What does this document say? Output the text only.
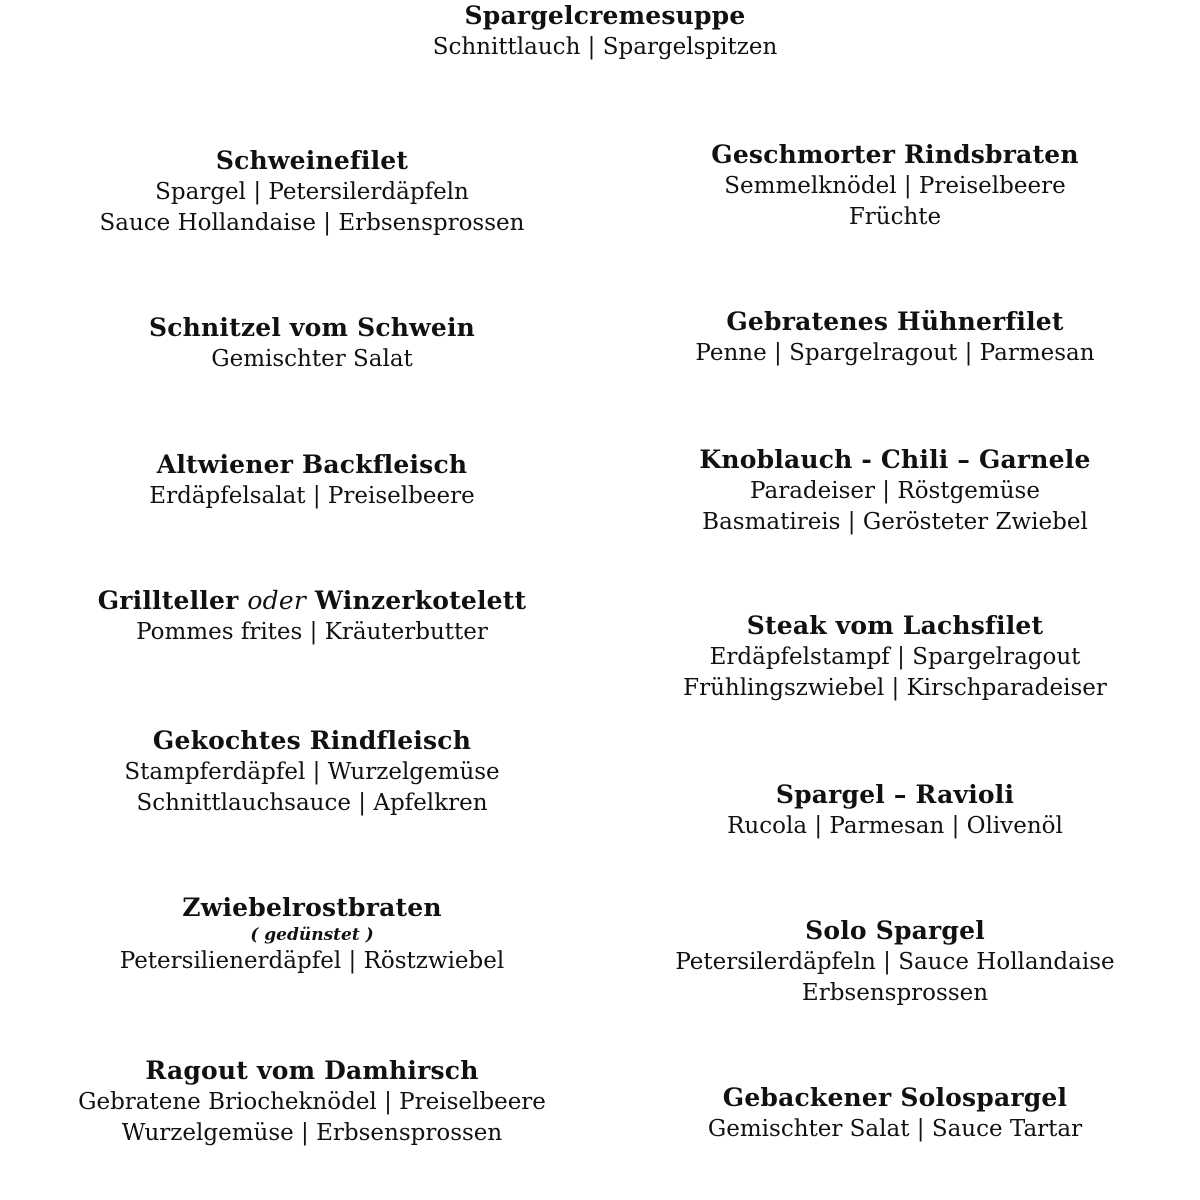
Spargelcremesuppe
Schnittlauch | Spargelspitzen
Schweinefilet
Spargel | Petersilerdäpfeln
Sauce Hollandaise | Erbsensprossen
Schnitzel vom Schwein
Gemischter Salat
Altwiener Backfleisch
Erdäpfelsalat | Preiselbeere
Grillteller oder Winzerkotelett
Pommes frites | Kräuterbutter
Gekochtes Rindfleisch
Stampferdäpfel | Wurzelgemüse
Schnittlauchsauce | Apfelkren
Zwiebelrostbraten
( gedünstet )
Petersilienerdäpfel | Röstzwiebel
Ragout vom Damhirsch
Gebratene Briocheknödel | Preiselbeere
Wurzelgemüse | Erbsensprossen
Geschmorter Rindsbraten
Semmelknödel | Preiselbeere
Früchte
Gebratenes Hühnerfilet
Penne | Spargelragout | Parmesan
Knoblauch - Chili – Garnele
Paradeiser | Röstgemüse
Basmatireis | Gerösteter Zwiebel
Steak vom Lachsfilet
Erdäpfelstampf | Spargelragout
Frühlingszwiebel | Kirschparadeiser
Spargel – Ravioli
Rucola | Parmesan | Olivenöl
Solo Spargel
Petersilerdäpfeln | Sauce Hollandaise
Erbsensprossen
Gebackener Solospargel
Gemischter Salat | Sauce Tartar
